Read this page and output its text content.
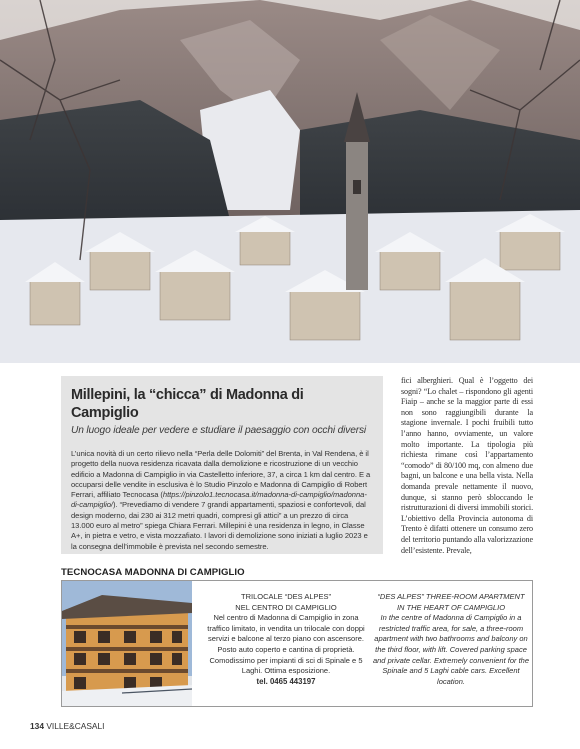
Millepini, la “chicca” di Madonna di Campiglio
Un luogo ideale per vedere e studiare il paesaggio con occhi diversi

L’unica novità di un certo rilievo nella “Perla delle Dolomiti” del Brenta, in Val Rendena, è il progetto della nuova residenza ricavata dalla demolizione e ricostruzione di un vecchio edificio a Madonna di Campiglio in via Castelletto inferiore, 37, a circa 1 km dal centro. E a occuparsi delle vendite in esclusiva è lo Studio Pinzolo e Madonna di Campiglio di Robert Ferrari, affiliato Tecnocasa (https://pinzolo1.tecnocasa.it/madonna-di-campiglio/madonna-di-campiglio/). “Prevediamo di vendere 7 grandi appartamenti, spaziosi e confortevoli, dal design moderno, dai 230 ai 312 metri quadri, compresi gli attici” a un prezzo di circa 13.000 euro al metro” spiega Chiara Ferrari. Millepini è una residenza in legno, in Classe A+, in pietra e vetro, e vista mozzafiato. I lavori di demolizione sono iniziati a luglio 2023 e la consegna dell’immobile è prevista nel secondo semestre.

fici alberghieri. Qual è l’oggetto dei sogni? “Lo chalet – rispondono gli agenti Fiaip – anche se la maggior parte di essi non sono raggiungibili durante la stagione invernale. I pochi fruibili tutto l’anno hanno, ovviamente, un valore molto importante. La tipologia più richiesta rimane così l’appartamento “comodo” di 80/100 mq, con almeno due bagni, un balcone e una bella vista. Nella domanda prevale nettamente il nuovo, dunque, si stanno però sbloccando le ristrutturazioni di diversi immobili storici. L’obiettivo della Provincia autonoma di Trento è difatti ottenere un consumo zero del territorio puntando alla valorizzazione dell’esistente. Prevale,
TECNOCASA MADONNA DI CAMPIGLIO
TRILOCALE “DES ALPES”
NEL CENTRO DI CAMPIGLIO
Nel centro di Madonna di Campiglio in zona traffico limitato, in vendita un trilocale con doppi servizi e balcone al terzo piano con ascensore. Posto auto coperto e cantina di proprietà. Comodissimo per impianti di sci di Spinale e 5 Laghi. Ottima esposizione.
tel. 0465 443197
“DES ALPES” THREE-ROOM APARTMENT
IN THE HEART OF CAMPIGLIO
In the centre of Madonna di Campiglio in a restricted traffic area, for sale, a three-room apartment with two bathrooms and balcony on the third floor, with lift. Covered parking space and private cellar. Extremely convenient for the Spinale and 5 Laghi cable cars. Excellent location.
134 VILLE&CASALI
